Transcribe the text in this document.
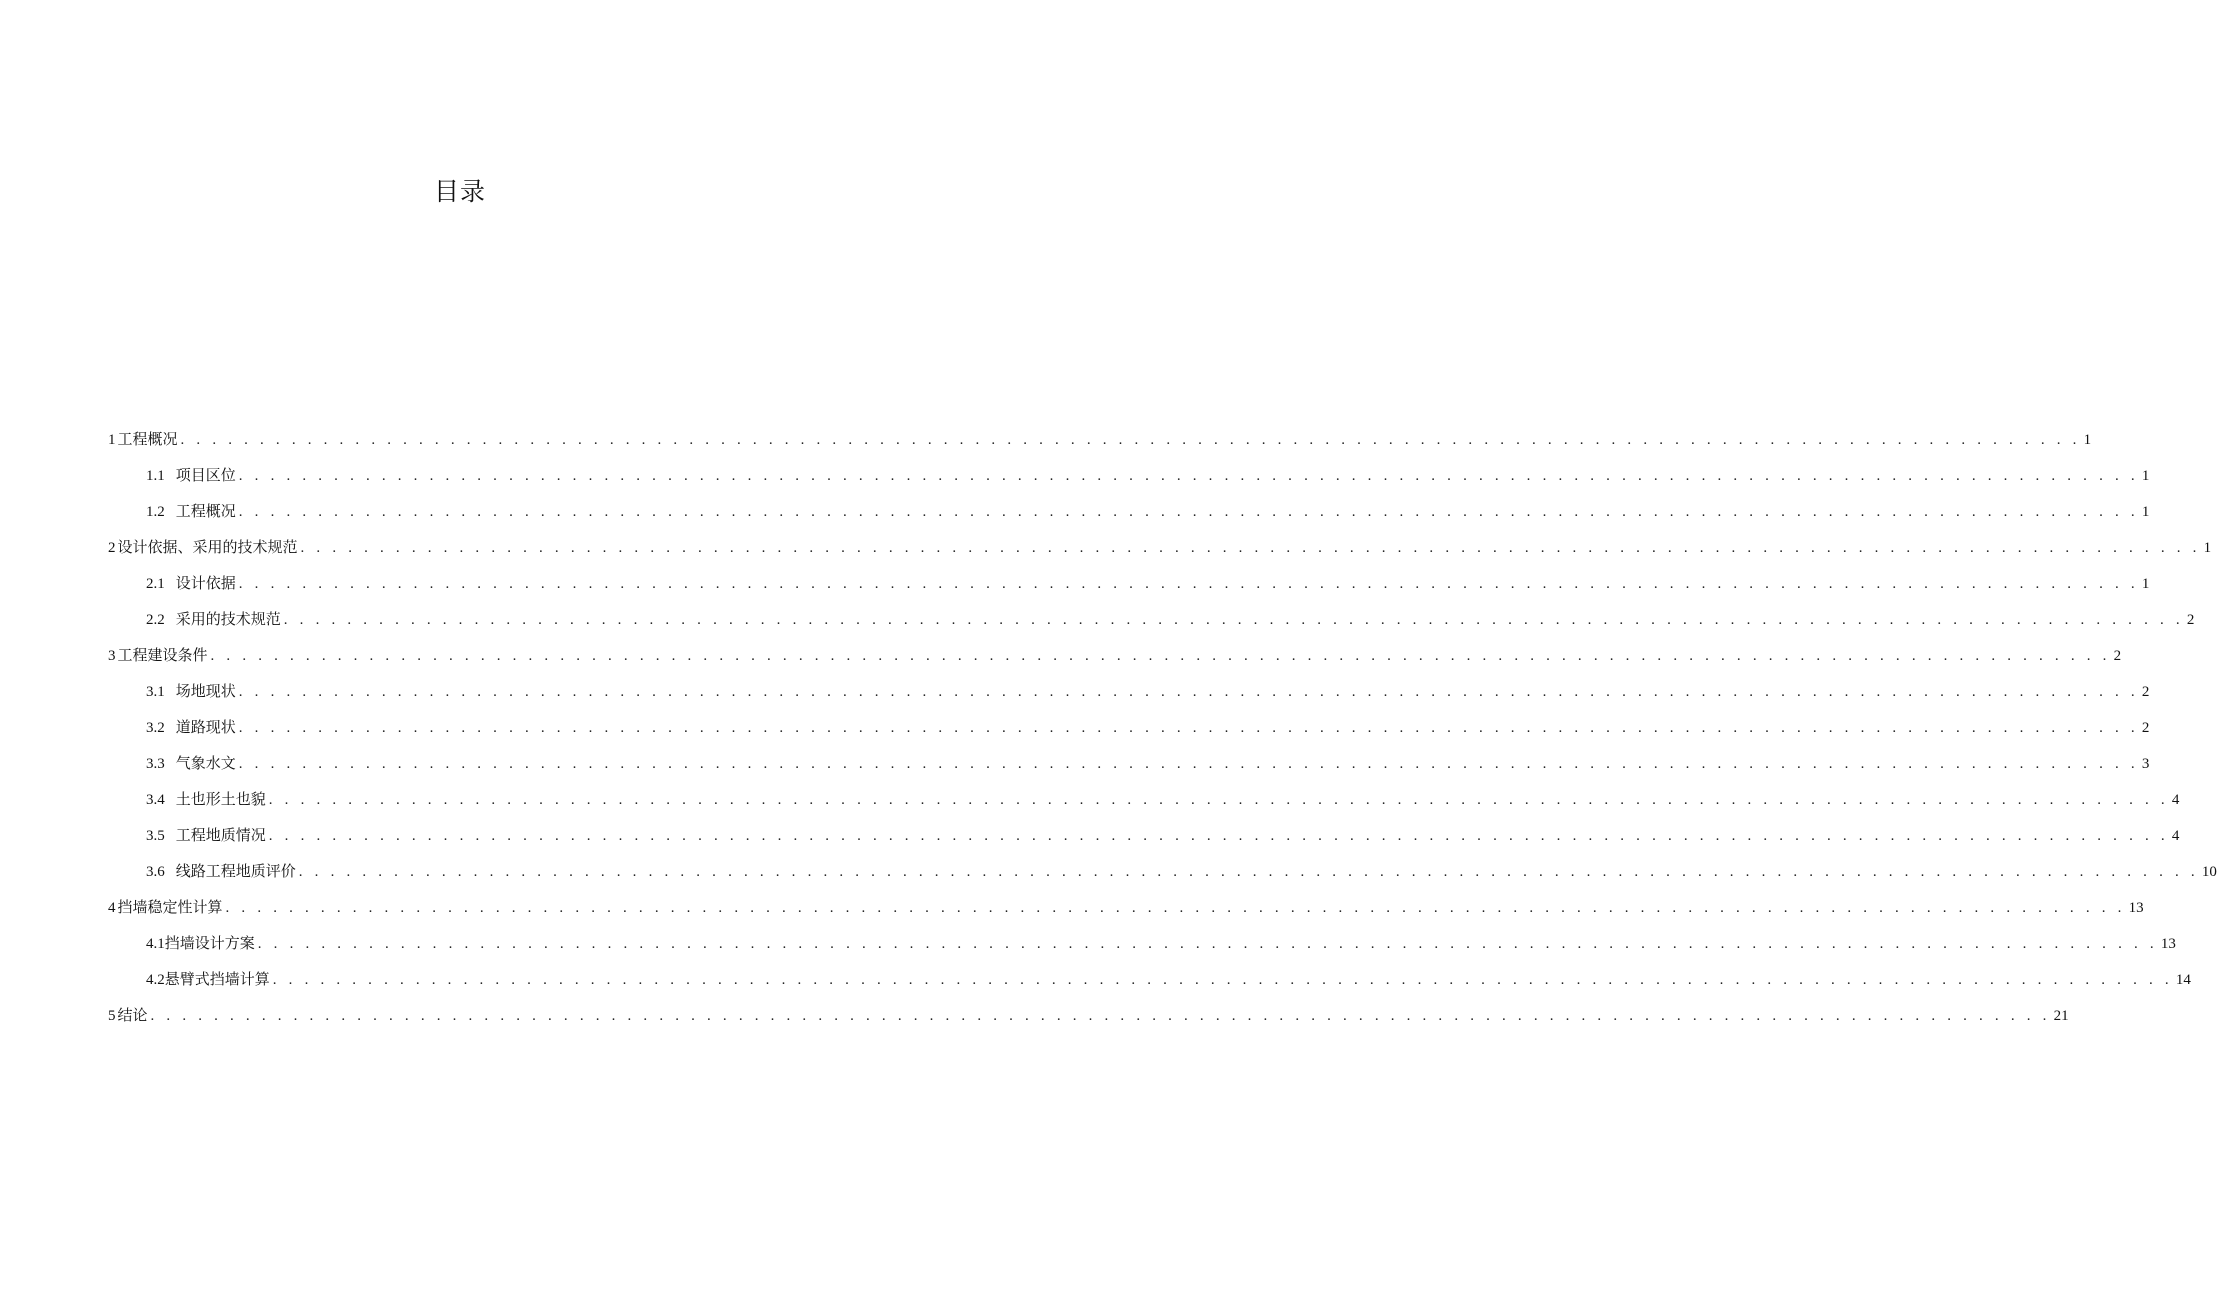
目录
1 工程概况 . . . . . . . . . . . . . . . . . . . . . . . . . . . . . . . . . . . . . . . . . . . . . . . . . . . . . . . . . . . . . . . . . . . . . . . . . . . . . . . . . . . . . . . . . . . . . . . . . . . . . . . . . . . . . . . . . . . . . . . . 1
1.1 项目区位 . . . . . . . . . . . . . . . . . . . . . . . . . . . . . . . . . . . . . . . . . . . . . . . . . . . . . . . . . . . . . . . . . . . . . . . . . . . . . . . . . . . . . . . . . . . . . . . . . . . . . . . . . . . . . . . . . . . . . . . . 1
1.2 工程概况 . . . . . . . . . . . . . . . . . . . . . . . . . . . . . . . . . . . . . . . . . . . . . . . . . . . . . . . . . . . . . . . . . . . . . . . . . . . . . . . . . . . . . . . . . . . . . . . . . . . . . . . . . . . . . . . . . . . . . . . . 1
2 设计依据、采用的技术规范 . . . . . . . . . . . . . . . . . . . . . . . . . . . . . . . . . . . . . . . . . . . . . . . . . . . . . . . . . . . . . . . . . . . . . . . . . . . . . . . . . . . . . . . . . . . . . . . . . . . . . . . . . . . . . . . . . . . . . . . . 1
2.1 设计依据 . . . . . . . . . . . . . . . . . . . . . . . . . . . . . . . . . . . . . . . . . . . . . . . . . . . . . . . . . . . . . . . . . . . . . . . . . . . . . . . . . . . . . . . . . . . . . . . . . . . . . . . . . . . . . . . . . . . . . . . . 1
2.2 采用的技术规范 . . . . . . . . . . . . . . . . . . . . . . . . . . . . . . . . . . . . . . . . . . . . . . . . . . . . . . . . . . . . . . . . . . . . . . . . . . . . . . . . . . . . . . . . . . . . . . . . . . . . . . . . . . . . . . . . . . . . . . . . 2
3 工程建设条件 . . . . . . . . . . . . . . . . . . . . . . . . . . . . . . . . . . . . . . . . . . . . . . . . . . . . . . . . . . . . . . . . . . . . . . . . . . . . . . . . . . . . . . . . . . . . . . . . . . . . . . . . . . . . . . . . . . . . . . . . 2
3.1 场地现状 . . . . . . . . . . . . . . . . . . . . . . . . . . . . . . . . . . . . . . . . . . . . . . . . . . . . . . . . . . . . . . . . . . . . . . . . . . . . . . . . . . . . . . . . . . . . . . . . . . . . . . . . . . . . . . . . . . . . . . . . 2
3.2 道路现状 . . . . . . . . . . . . . . . . . . . . . . . . . . . . . . . . . . . . . . . . . . . . . . . . . . . . . . . . . . . . . . . . . . . . . . . . . . . . . . . . . . . . . . . . . . . . . . . . . . . . . . . . . . . . . . . . . . . . . . . . 2
3.3 气象水文 . . . . . . . . . . . . . . . . . . . . . . . . . . . . . . . . . . . . . . . . . . . . . . . . . . . . . . . . . . . . . . . . . . . . . . . . . . . . . . . . . . . . . . . . . . . . . . . . . . . . . . . . . . . . . . . . . . . . . . . . 3
3.4 土也形土也貌 . . . . . . . . . . . . . . . . . . . . . . . . . . . . . . . . . . . . . . . . . . . . . . . . . . . . . . . . . . . . . . . . . . . . . . . . . . . . . . . . . . . . . . . . . . . . . . . . . . . . . . . . . . . . . . . . . . . . . . . . 4
3.5 工程地质情况 . . . . . . . . . . . . . . . . . . . . . . . . . . . . . . . . . . . . . . . . . . . . . . . . . . . . . . . . . . . . . . . . . . . . . . . . . . . . . . . . . . . . . . . . . . . . . . . . . . . . . . . . . . . . . . . . . . . . . . . . 4
3.6 线路工程地质评价 . . . . . . . . . . . . . . . . . . . . . . . . . . . . . . . . . . . . . . . . . . . . . . . . . . . . . . . . . . . . . . . . . . . . . . . . . . . . . . . . . . . . . . . . . . . . . . . . . . . . . . . . . . . . . . . . . . . . . . . . 10
4 挡墙稳定性计算 . . . . . . . . . . . . . . . . . . . . . . . . . . . . . . . . . . . . . . . . . . . . . . . . . . . . . . . . . . . . . . . . . . . . . . . . . . . . . . . . . . . . . . . . . . . . . . . . . . . . . . . . . . . . . . . . . . . . . . . . 13
4.1 挡墙设计方案 . . . . . . . . . . . . . . . . . . . . . . . . . . . . . . . . . . . . . . . . . . . . . . . . . . . . . . . . . . . . . . . . . . . . . . . . . . . . . . . . . . . . . . . . . . . . . . . . . . . . . . . . . . . . . . . . . . . . . . . . 13
4.2 悬臂式挡墙计算 . . . . . . . . . . . . . . . . . . . . . . . . . . . . . . . . . . . . . . . . . . . . . . . . . . . . . . . . . . . . . . . . . . . . . . . . . . . . . . . . . . . . . . . . . . . . . . . . . . . . . . . . . . . . . . . . . . . . . . . . 14
5 结论 . . . . . . . . . . . . . . . . . . . . . . . . . . . . . . . . . . . . . . . . . . . . . . . . . . . . . . . . . . . . . . . . . . . . . . . . . . . . . . . . . . . . . . . . . . . . . . . . . . . . . . . . . . . . . . . . . . . . . . . . 21
